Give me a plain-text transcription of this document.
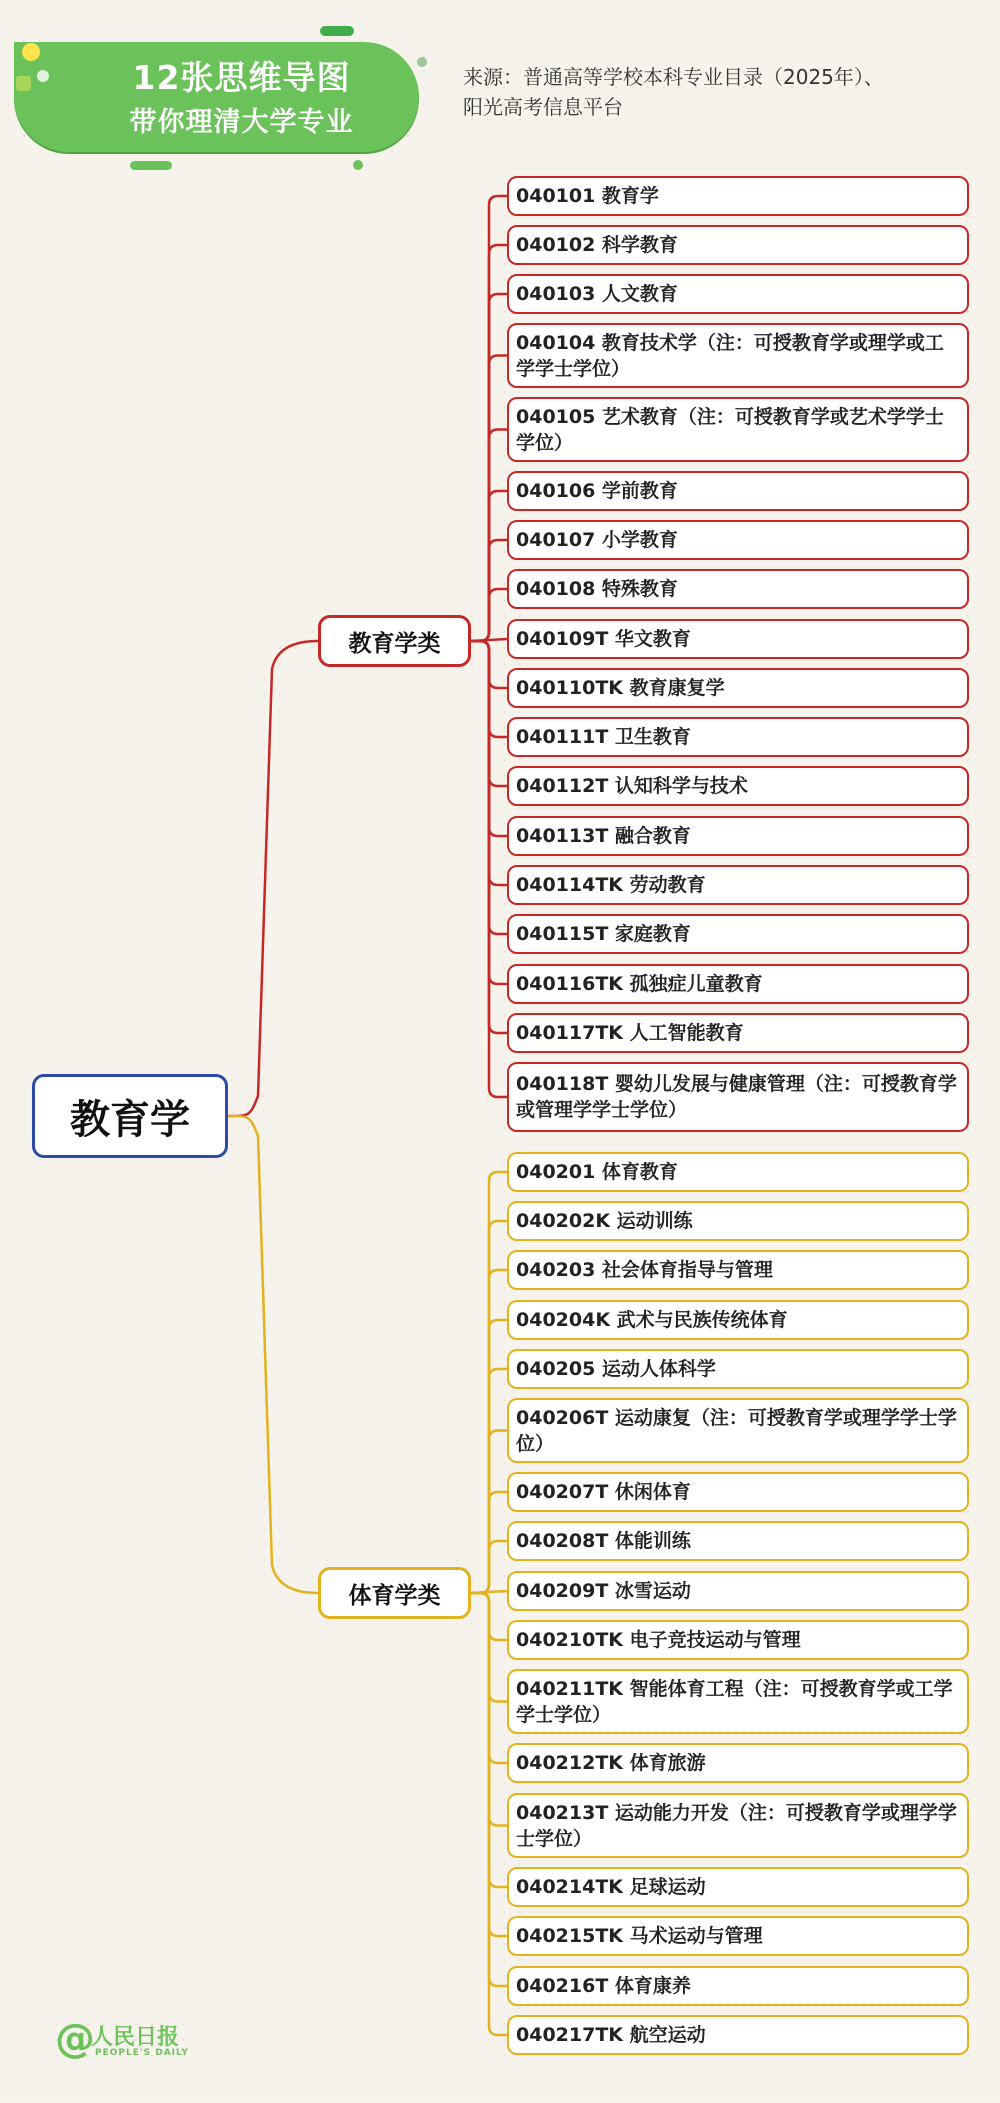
12张思维导图
带你理清大学专业
来源：普通高等学校本科专业目录（2025年）、
阳光高考信息平台
教育学
教育学类
体育学类
040101 教育学
040102 科学教育
040103 人文教育
040104 教育技术学（注：可授教育学或理学或工学学士学位）
040105 艺术教育（注：可授教育学或艺术学学士学位）
040106 学前教育
040107 小学教育
040108 特殊教育
040109T 华文教育
040110TK 教育康复学
040111T 卫生教育
040112T 认知科学与技术
040113T 融合教育
040114TK 劳动教育
040115T 家庭教育
040116TK 孤独症儿童教育
040117TK 人工智能教育
040118T 婴幼儿发展与健康管理（注：可授教育学或管理学学士学位）
040201 体育教育
040202K 运动训练
040203 社会体育指导与管理
040204K 武术与民族传统体育
040205 运动人体科学
040206T 运动康复（注：可授教育学或理学学士学位）
040207T 休闲体育
040208T 体能训练
040209T 冰雪运动
040210TK 电子竞技运动与管理
040211TK 智能体育工程（注：可授教育学或工学学士学位）
040212TK 体育旅游
040213T 运动能力开发（注：可授教育学或理学学士学位）
040214TK 足球运动
040215TK 马术运动与管理
040216T 体育康养
040217TK 航空运动
@
人民日报
PEOPLE'S DAILY
